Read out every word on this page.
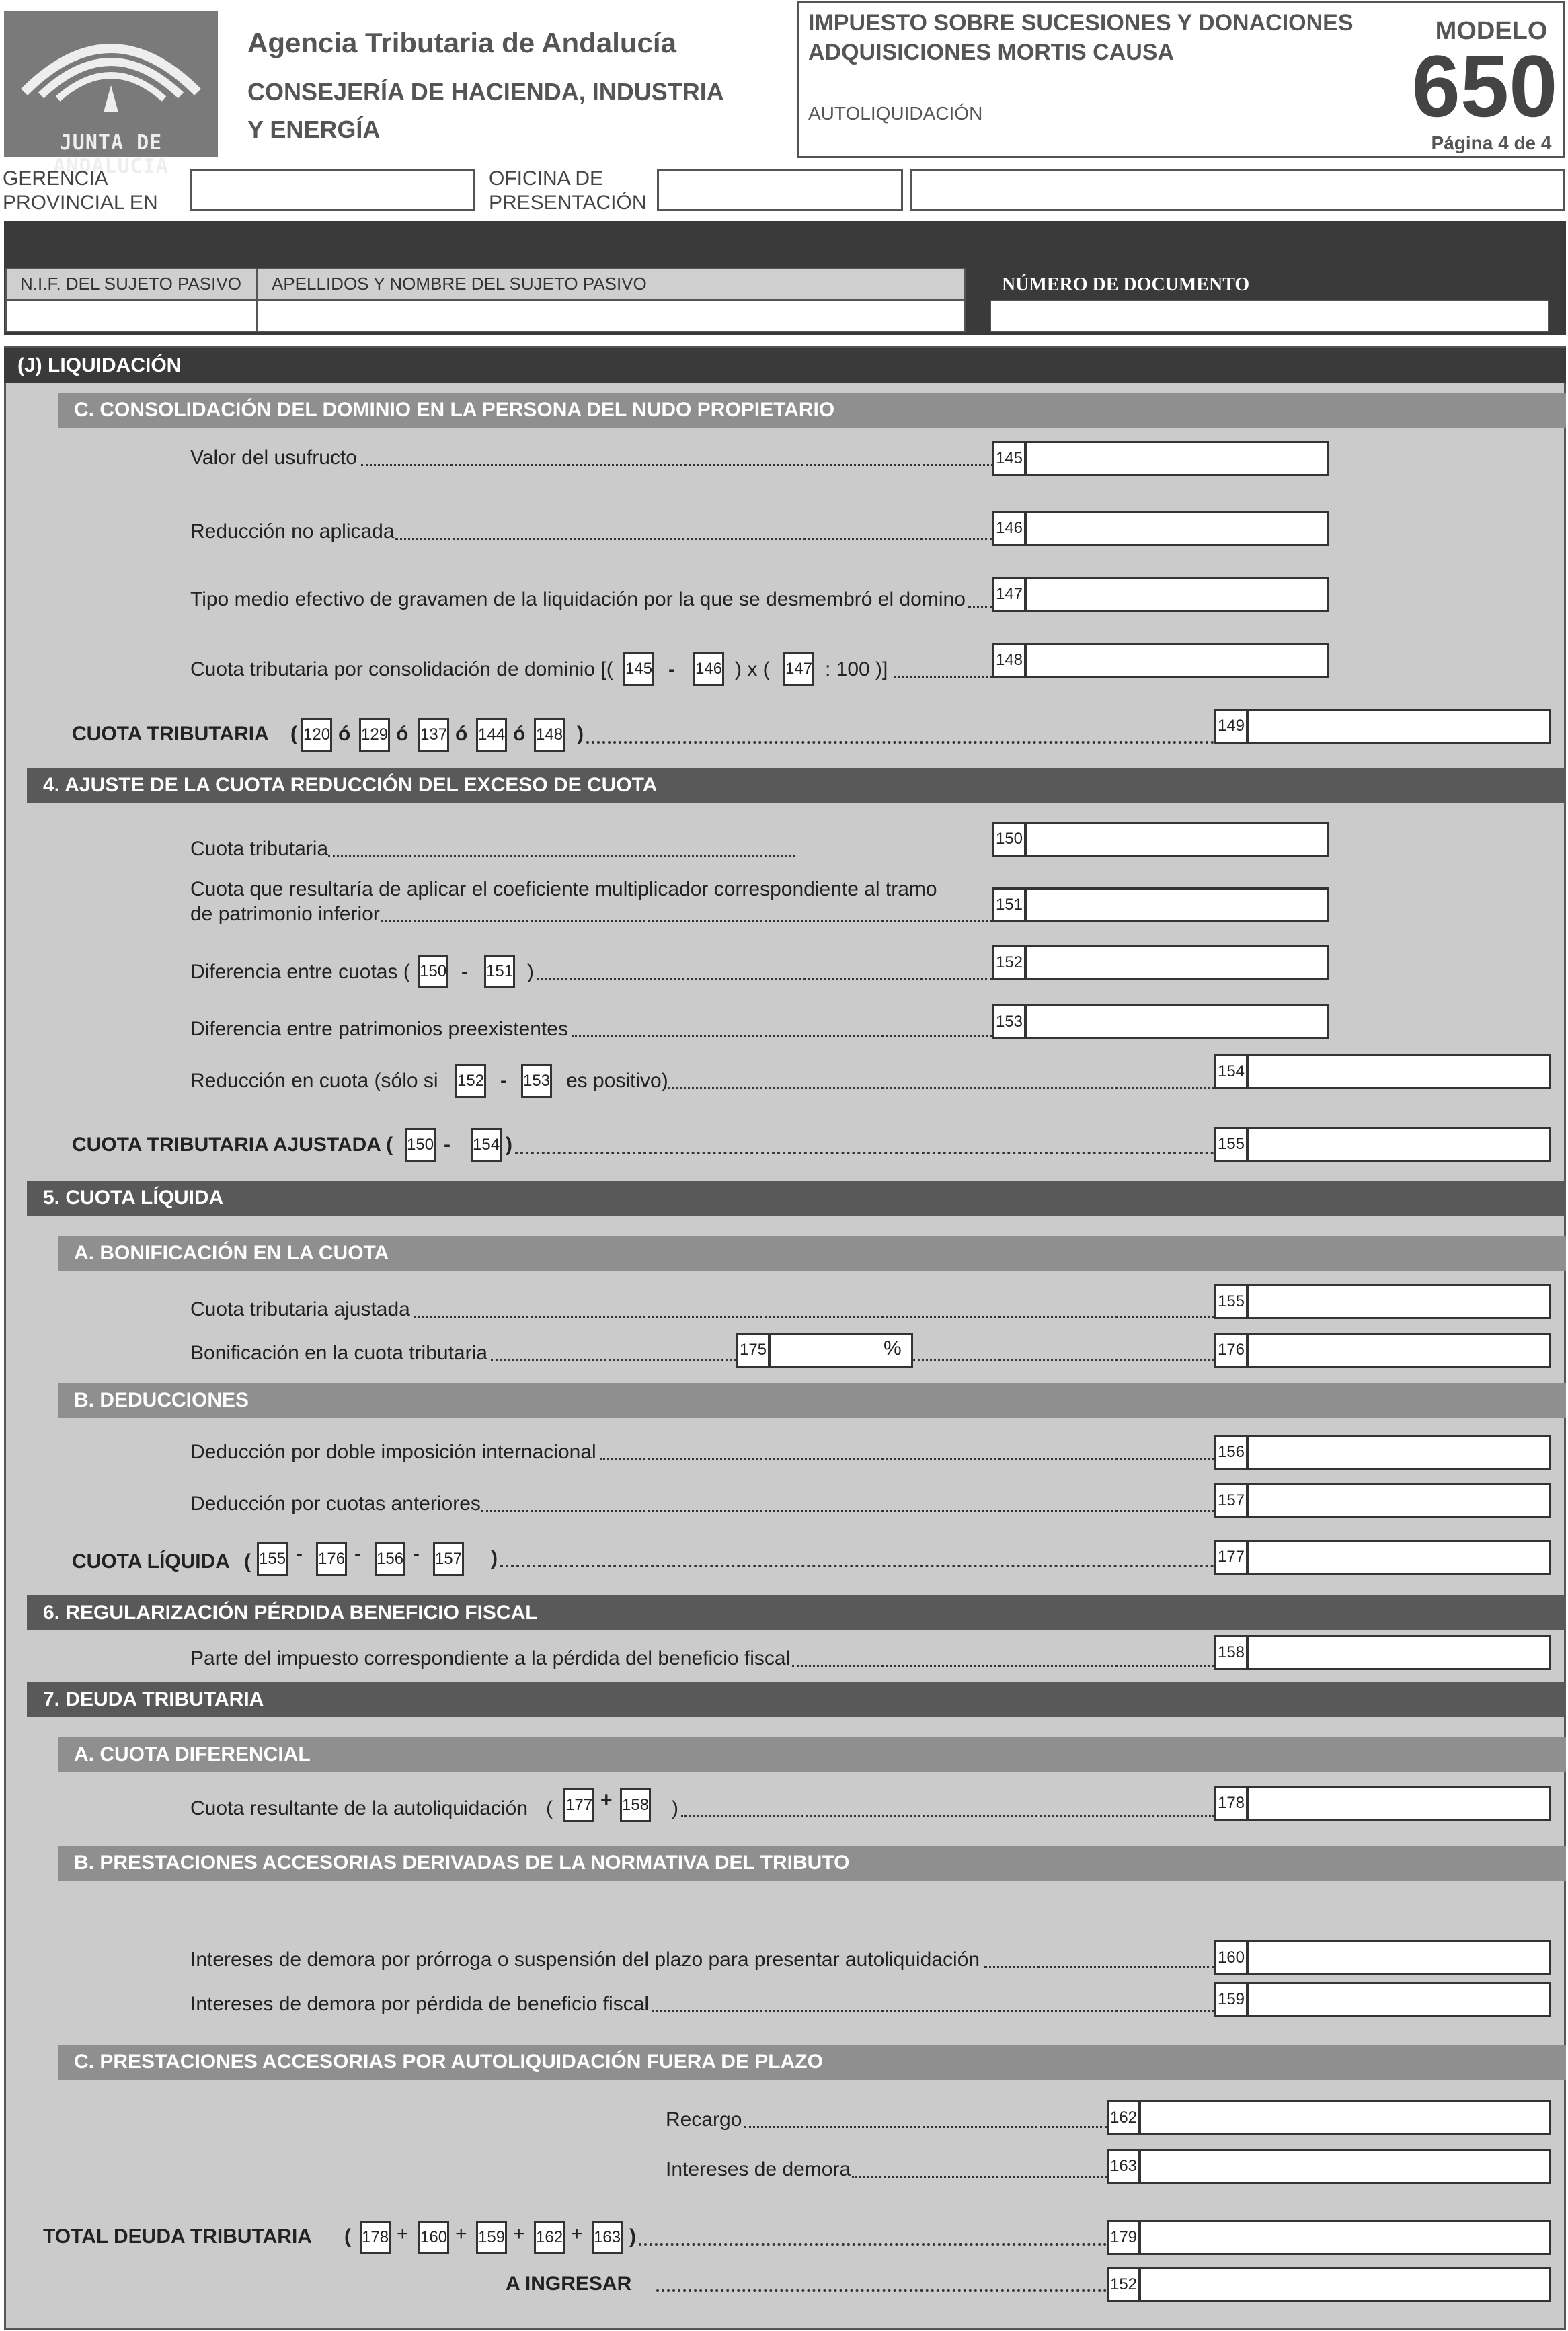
JUNTA DE ANDALUCIA
Agencia Tributaria de Andalucía
CONSEJERÍA DE HACIENDA, INDUSTRIA
Y ENERGÍA
IMPUESTO SOBRE SUCESIONES Y DONACIONES
ADQUISICIONES MORTIS CAUSA
AUTOLIQUIDACIÓN
MODELO
650
Página 4 de 4
GERENCIA
PROVINCIAL EN
OFICINA DE
PRESENTACIÓN
N.I.F. DEL SUJETO PASIVO	APELLIDOS Y NOMBRE DEL SUJETO PASIVO	NÚMERO DE DOCUMENTO
(J) LIQUIDACIÓN
C. CONSOLIDACIÓN DEL DOMINIO EN LA PERSONA DEL NUDO PROPIETARIO
Valor del usufructo	145
Reducción no aplicada	146
Tipo medio efectivo de gravamen de la liquidación por la que se desmembró el domino 147
Cuota tributaria por consolidación de dominio [( 145 - 146 ) x ( 147 : 100 )]	148
CUOTA TRIBUTARIA ( 120 ó 129 ó 137 ó 144 ó 148 )	149
4. AJUSTE DE LA CUOTA REDUCCIÓN DEL EXCESO DE CUOTA
Cuota tributaria	150
Cuota que resultaría de aplicar el coeficiente multiplicador correspondiente al tramo
de patrimonio inferior	151
Diferencia entre cuotas ( 150 - 151 )	152
Diferencia entre patrimonios preexistentes	153
Reducción en cuota (sólo si 152 - 153 es positivo)	154
CUOTA TRIBUTARIA AJUSTADA ( 150 - 154 )	155
5. CUOTA LÍQUIDA
A. BONIFICACIÓN EN LA CUOTA
Cuota tributaria ajustada	155
Bonificación en la cuota tributaria	175	%	176
B. DEDUCCIONES
Deducción por doble imposición internacional	156
Deducción por cuotas anteriores	157
CUOTA LÍQUIDA ( 155 - 176 - 156 - 157 )	177
6. REGULARIZACIÓN PÉRDIDA BENEFICIO FISCAL
Parte del impuesto correspondiente a la pérdida del beneficio fiscal	158
7. DEUDA TRIBUTARIA
A. CUOTA DIFERENCIAL
Cuota resultante de la autoliquidación ( 177 + 158 )	178
B. PRESTACIONES ACCESORIAS DERIVADAS DE LA NORMATIVA DEL TRIBUTO
Intereses de demora por prórroga o suspensión del plazo para presentar autoliquidación	160
Intereses de demora por pérdida de beneficio fiscal	159
C. PRESTACIONES ACCESORIAS POR AUTOLIQUIDACIÓN FUERA DE PLAZO
Recargo	162
Intereses de demora	163
TOTAL DEUDA TRIBUTARIA ( 178 + 160 + 159 + 162 + 163 )	179
A INGRESAR	152
